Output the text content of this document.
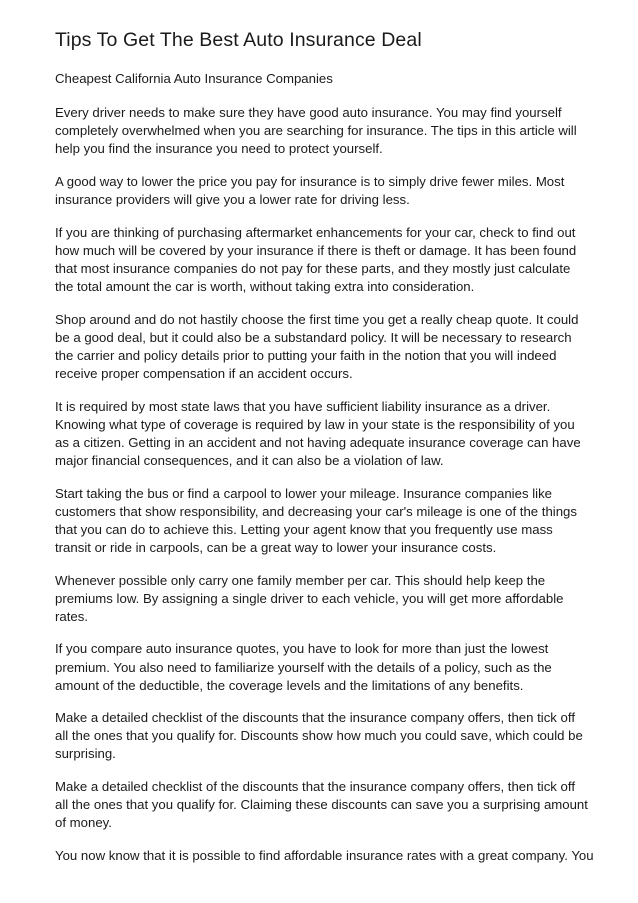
Tips To Get The Best Auto Insurance Deal
Cheapest California Auto Insurance Companies

Every driver needs to make sure they have good auto insurance. You may find yourself completely overwhelmed when you are searching for insurance. The tips in this article will help you find the insurance you need to protect yourself.

A good way to lower the price you pay for insurance is to simply drive fewer miles. Most insurance providers will give you a lower rate for driving less.

If you are thinking of purchasing aftermarket enhancements for your car, check to find out how much will be covered by your insurance if there is theft or damage. It has been found that most insurance companies do not pay for these parts, and they mostly just calculate the total amount the car is worth, without taking extra into consideration.

Shop around and do not hastily choose the first time you get a really cheap quote. It could be a good deal, but it could also be a substandard policy. It will be necessary to research the carrier and policy details prior to putting your faith in the notion that you will indeed receive proper compensation if an accident occurs.

It is required by most state laws that you have sufficient liability insurance as a driver. Knowing what type of coverage is required by law in your state is the responsibility of you as a citizen. Getting in an accident and not having adequate insurance coverage can have major financial consequences, and it can also be a violation of law.

Start taking the bus or find a carpool to lower your mileage. Insurance companies like customers that show responsibility, and decreasing your car's mileage is one of the things that you can do to achieve this. Letting your agent know that you frequently use mass transit or ride in carpools, can be a great way to lower your insurance costs.

Whenever possible only carry one family member per car. This should help keep the premiums low. By assigning a single driver to each vehicle, you will get more affordable rates.

If you compare auto insurance quotes, you have to look for more than just the lowest premium. You also need to familiarize yourself with the details of a policy, such as the amount of the deductible, the coverage levels and the limitations of any benefits.

Make a detailed checklist of the discounts that the insurance company offers, then tick off all the ones that you qualify for. Discounts show how much you could save, which could be surprising.

Make a detailed checklist of the discounts that the insurance company offers, then tick off all the ones that you qualify for. Claiming these discounts can save you a surprising amount of money.

You now know that it is possible to find affordable insurance rates with a great company. You
